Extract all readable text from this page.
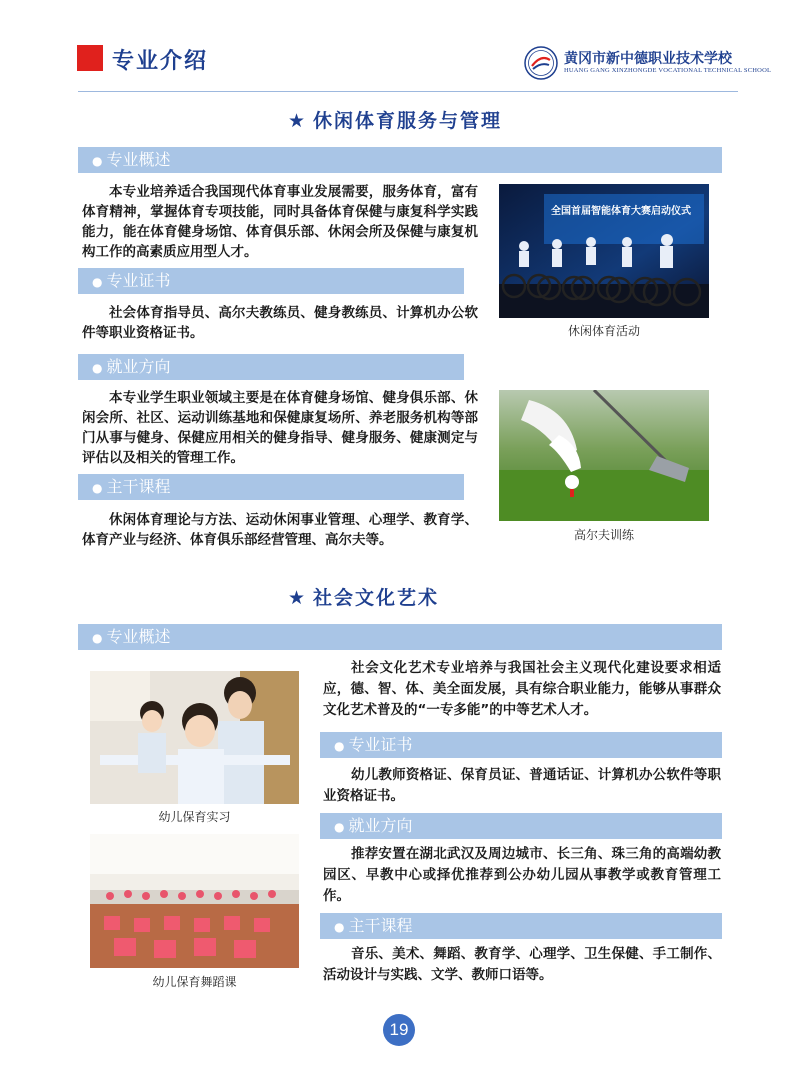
专业介绍	黄冈市新中德职业技术学校
HUANG GANG XINZHONGDE VOCATIONAL TECHNICAL SCHOOL
★ 休闲体育服务与管理
● 专业概述
本专业培养适合我国现代体育事业发展需要，服务体育，富有体育精神，掌握体育专项技能，同时具备体育保健与康复科学实践能力，能在体育健身场馆、体育俱乐部、休闲会所及保健与康复机构工作的高素质应用型人才。
● 专业证书
社会体育指导员、高尔夫教练员、健身教练员、计算机办公软件等职业资格证书。
● 就业方向
本专业学生职业领域主要是在体育健身场馆、健身俱乐部、休闲会所、社区、运动训练基地和保健康复场所、养老服务机构等部门从事与健身、保健应用相关的健身指导、健身服务、健康测定与评估以及相关的管理工作。
● 主干课程
休闲体育理论与方法、运动休闲事业管理、心理学、教育学、体育产业与经济、体育俱乐部经营管理、高尔夫等。
全国首届智能体育大赛启动仪式
休闲体育活动
高尔夫训练
★ 社会文化艺术
● 专业概述
社会文化艺术专业培养与我国社会主义现代化建设要求相适应，德、智、体、美全面发展，具有综合职业能力，能够从事群众文化艺术普及的“一专多能”的中等艺术人才。
● 专业证书
幼儿教师资格证、保育员证、普通话证、计算机办公软件等职业资格证书。
● 就业方向
推荐安置在湖北武汉及周边城市、长三角、珠三角的高端幼教园区、早教中心或择优推荐到公办幼儿园从事教学或教育管理工作。
● 主干课程
音乐、美术、舞蹈、教育学、心理学、卫生保健、手工制作、活动设计与实践、文学、教师口语等。
幼儿保育实习
幼儿保育舞蹈课
19
